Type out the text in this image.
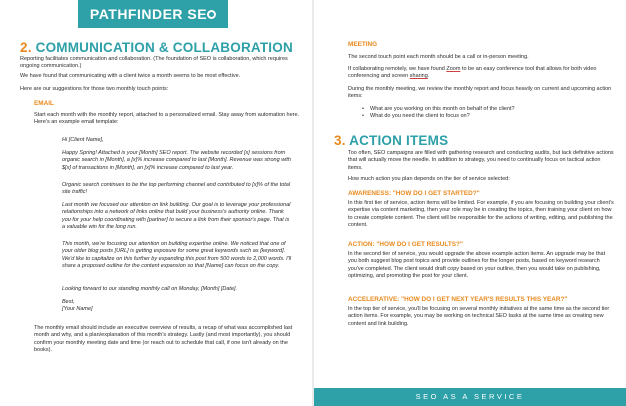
PATHFINDER SE
2. COMMUNICATION & COLLABORATION
Reporting facilitates communication and collaboration. (The foundation of SEO is collaboration, which requires ongoing communication.)
We have found that communicating with a client twice a month seems to be most effective.
Here are our suggestions for those two monthly touch points:
EMAIL
Start each month with the monthly report, attached to a personalized email. Stay away from automation here. Here's an example email template:
Hi [Client Name],
Happy Spring! Attached is your [Month] SEO report. The website recorded [x] sessions from organic search in [Month], a [x]% increase compared to last [Month]. Revenue was strong with $[x] of transactions in [Month], an [x]% increase compared to last year.
Organic search continues to be the top performing channel and contributed to [x]% of the total site traffic!
Last month we focused our attention on link building. Our goal is to leverage your professional relationships into a network of links online that build your business's authority online. Thank you for your help coordinating with [partner] to secure a link from their sponsor's page. That is a valuable win for the long run.
This month, we're focusing our attention on building expertise online. We noticed that one of your older blog posts [URL] is getting exposure for some great keywords such as [keyword]. We'd like to capitalize on this further by expanding this post from 500 words to 2,000 words. I'll share a proposed outline for the content expansion so that [Name] can focus on the copy.
Looking forward to our standing monthly call on Monday, [Month] [Date].
Best,
[Your Name]
The monthly email should include an executive overview of results, a recap of what was accomplished last month and why, and a plan/explanation of this month's strategy. Lastly (and most importantly), you should confirm your monthly meeting date and time (or reach out to schedule that call, if one isn't already on the books).
MEETING
The second touch point each month should be a call or in-person meeting.
If collaborating remotely, we have found Zoom to be an easy conference tool that allows for both video conferencing and screen sharing.
During the monthly meeting, we review the monthly report and focus heavily on current and upcoming action items:
• What are you working on this month on behalf of the client?
• What do you need the client to focus on?
3. ACTION ITEMS
Too often, SEO campaigns are filled with gathering research and conducting audits, but lack definitive actions that will actually move the needle. In addition to strategy, you need to continually focus on tactical action items.
How much action you plan depends on the tier of service selected:
AWARENESS: "HOW DO I GET STARTED?"
In this first tier of service, action items will be limited. For example, if you are focusing on building your client's expertise via content marketing, then your role may be in creating the topics, then training your client on how to create complete content. The client will be responsible for the actions of writing, editing, and publishing the content.
ACTION: "HOW DO I GET RESULTS?"
In the second tier of service, you would upgrade the above example action items. An upgrade may be that you both suggest blog post topics and provide outlines for the longer posts, based on keyword research you've completed. The client would draft copy based on your outline, then you would take on publishing, optimizing, and promoting the post for your client.
ACCELERATIVE: "HOW DO I GET NEXT YEAR'S RESULTS THIS YEAR?"
In the top tier of service, you'll be focusing on several monthly initiatives at the same time as the second tier action items. For example, you may be working on technical SEO tasks at the same time as creating new content and link building.
SEO AS A SERVICE
